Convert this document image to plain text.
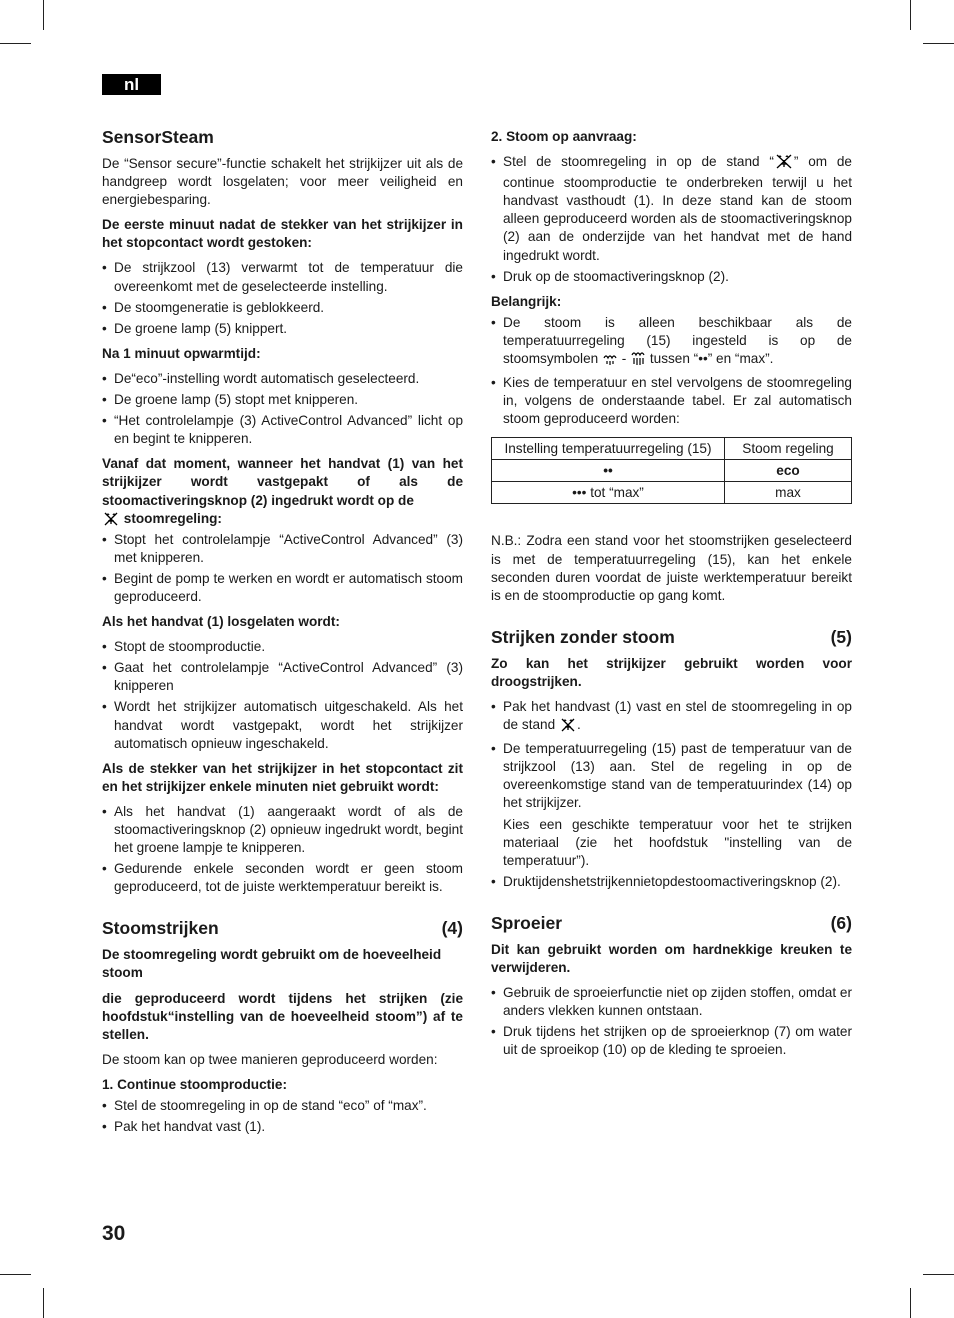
nl
SensorSteam

De “Sensor secure”-functie schakelt het strijkijzer uit als de handgreep wordt losgelaten; voor meer veiligheid en energiebesparing.

De eerste minuut nadat de stekker van het strijkijzer in het stopcontact wordt gestoken:

• De strijkzool (13) verwarmt tot de temperatuur die overeenkomt met de geselecteerde instelling.
• De stoomgeneratie is geblokkeerd.
• De groene lamp (5) knippert.

Na 1 minuut opwarmtijd:

• De“eco”-instelling wordt automatisch geselecteerd.
• De groene lamp (5) stopt met knipperen.
• “Het controlelampje (3) ActiveControl Advanced” licht op en begint te knipperen.

Vanaf dat moment, wanneer het handvat (1) van het strijkijzer wordt vastgepakt of als de stoomactiveringsknop (2) ingedrukt wordt op de
stoomregeling:

• Stopt het controlelampje “ActiveControl Advanced” (3) met knipperen.
• Begint de pomp te werken en wordt er automatisch stoom geproduceerd.

Als het handvat (1) losgelaten wordt:

• Stopt de stoomproductie.
• Gaat het controlelampje “ActiveControl Advanced” (3) knipperen
• Wordt het strijkijzer automatisch uitgeschakeld. Als het handvat wordt vastgepakt, wordt het strijkijzer automatisch opnieuw ingeschakeld.

Als de stekker van het strijkijzer in het stopcontact zit en het strijkijzer enkele minuten niet gebruikt wordt:

• Als het handvat (1) aangeraakt wordt of als de stoomactiveringsknop (2) opnieuw ingedrukt wordt, begint het groene lampje te knipperen.
• Gedurende enkele seconden wordt er geen stoom geproduceerd, tot de juiste werktemperatuur bereikt is.
Stoomstrijken	(4)

De stoomregeling wordt gebruikt om de hoeveelheid stoom

die geproduceerd wordt tijdens het strijken (zie hoofdstuk“instelling van de hoeveelheid stoom”) af te stellen.

De stoom kan op twee manieren geproduceerd worden:

1. Continue stoomproductie:

• Stel de stoomregeling in op de stand “eco” of “max”.
• Pak het handvat vast (1).

2. Stoom op aanvraag:

• Stel de stoomregeling in op de stand “ ” om de continue stoomproductie te onderbreken terwijl u het handvast vasthoudt (1). In deze stand kan de stoom alleen geproduceerd worden als de stoomactiveringsknop (2) aan de onderzijde van het handvat met de hand ingedrukt wordt.
• Druk op de stoomactiveringsknop (2).

Belangrijk:

• De stoom is alleen beschikbaar als de temperatuurregeling (15) ingesteld is op de stoomsymbolen - tussen “••” en “max”.
• Kies de temperatuur en stel vervolgens de stoomregeling in, volgens de onderstaande tabel. Er zal automatisch stoom geproduceerd worden:
Instelling temperatuurregeling (15)	Stoom regeling
••	eco
••• tot “max”	max

N.B.: Zodra een stand voor het stoomstrijken geselecteerd is met de temperatuurregeling (15), kan het enkele seconden duren voordat de juiste werktemperatuur bereikt is en de stoomproductie op gang komt.

Strijken zonder stoom	(5)

Zo kan het strijkijzer gebruikt worden voor droogstrijken.

• Pak het handvast (1) vast en stel de stoomregeling in op de stand .
• De temperatuurregeling (15) past de temperatuur van de strijkzool (13) aan. Stel de regeling in op de overeenkomstige stand van de temperatuurindex (14) op het strijkijzer.
Kies een geschikte temperatuur voor het te strijken materiaal (zie het hoofdstuk "instelling van de temperatuur”).
• Druktijdenshetstrijkennietopdestoomactiveringsknop (2).
Sproeier	(6)

Dit kan gebruikt worden om hardnekkige kreuken te verwijderen.

• Gebruik de sproeierfunctie niet op zijden stoffen, omdat er anders vlekken kunnen ontstaan.
• Druk tijdens het strijken op de sproeierknop (7) om water uit de sproeikop (10) op de kleding te sproeien.
30
